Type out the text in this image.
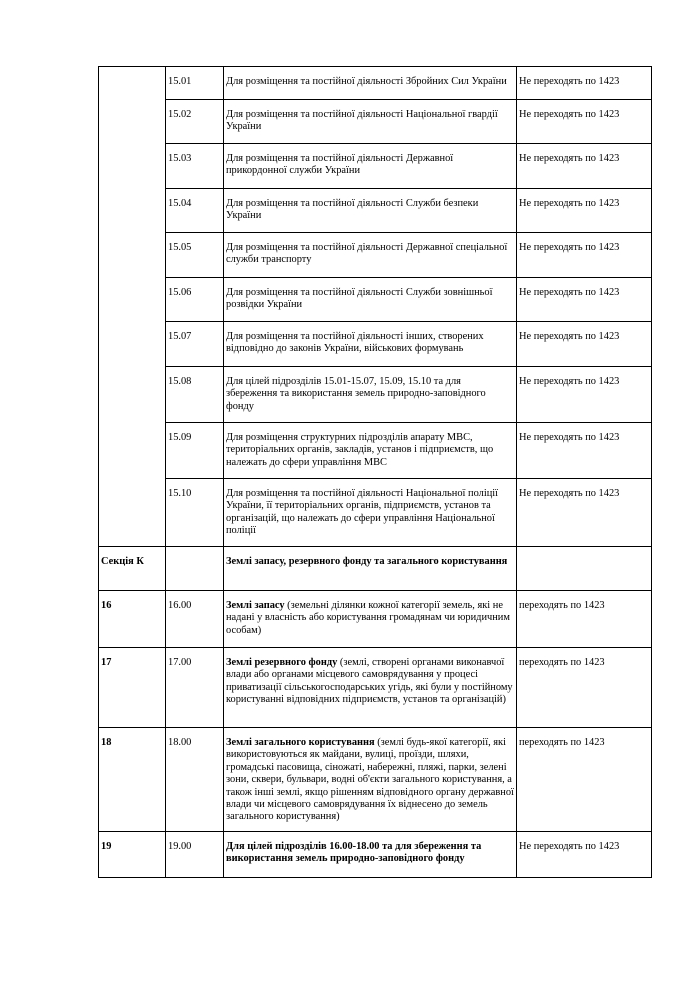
	15.01	Для розміщення та постійної діяльності Збройних Сил України	Не переходять по 1423
	15.02	Для розміщення та постійної діяльності Національної гвардії України	Не переходять по 1423
	15.03	Для розміщення та постійної діяльності Державної прикордонної служби України	Не переходять по 1423
	15.04	Для розміщення та постійної діяльності Служби безпеки України	Не переходять по 1423
	15.05	Для розміщення та постійної діяльності Державної спеціальної служби транспорту	Не переходять по 1423
	15.06	Для розміщення та постійної діяльності Служби зовнішньої розвідки України	Не переходять по 1423
	15.07	Для розміщення та постійної діяльності інших, створених відповідно до законів України, військових формувань	Не переходять по 1423
	15.08	Для цілей підрозділів 15.01-15.07, 15.09, 15.10 та для збереження та використання земель природно-заповідного фонду	Не переходять по 1423
	15.09	Для розміщення структурних підрозділів апарату МВС, територіальних органів, закладів, установ і підприємств, що належать до сфери управління МВС	Не переходять по 1423
	15.10	Для розміщення та постійної діяльності Національної поліції України, її територіальних органів, підприємств, установ та організацій, що належать до сфери управління Національної поліції	Не переходять по 1423
Секція К		Землі запасу, резервного фонду та загального користування	
16	16.00	Землі запасу (земельні ділянки кожної категорії земель, які не надані у власність або користування громадянам чи юридичним особам)	переходять по 1423
17	17.00	Землі резервного фонду (землі, створені органами виконавчої влади або органами місцевого самоврядування у процесі приватизації сільськогосподарських угідь, які були у постійному користуванні відповідних підприємств, установ та організацій)	переходять по 1423
18	18.00	Землі загального користування (землі будь-якої категорії, які використовуються як майдани, вулиці, проїзди, шляхи, громадські пасовища, сіножаті, набережні, пляжі, парки, зелені зони, сквери, бульвари, водні об'єкти загального користування, а також інші землі, якщо рішенням відповідного органу державної влади чи місцевого самоврядування їх віднесено до земель загального користування)	переходять по 1423
19	19.00	Для цілей підрозділів 16.00-18.00 та для збереження та використання земель природно-заповідного фонду	Не переходять по 1423
